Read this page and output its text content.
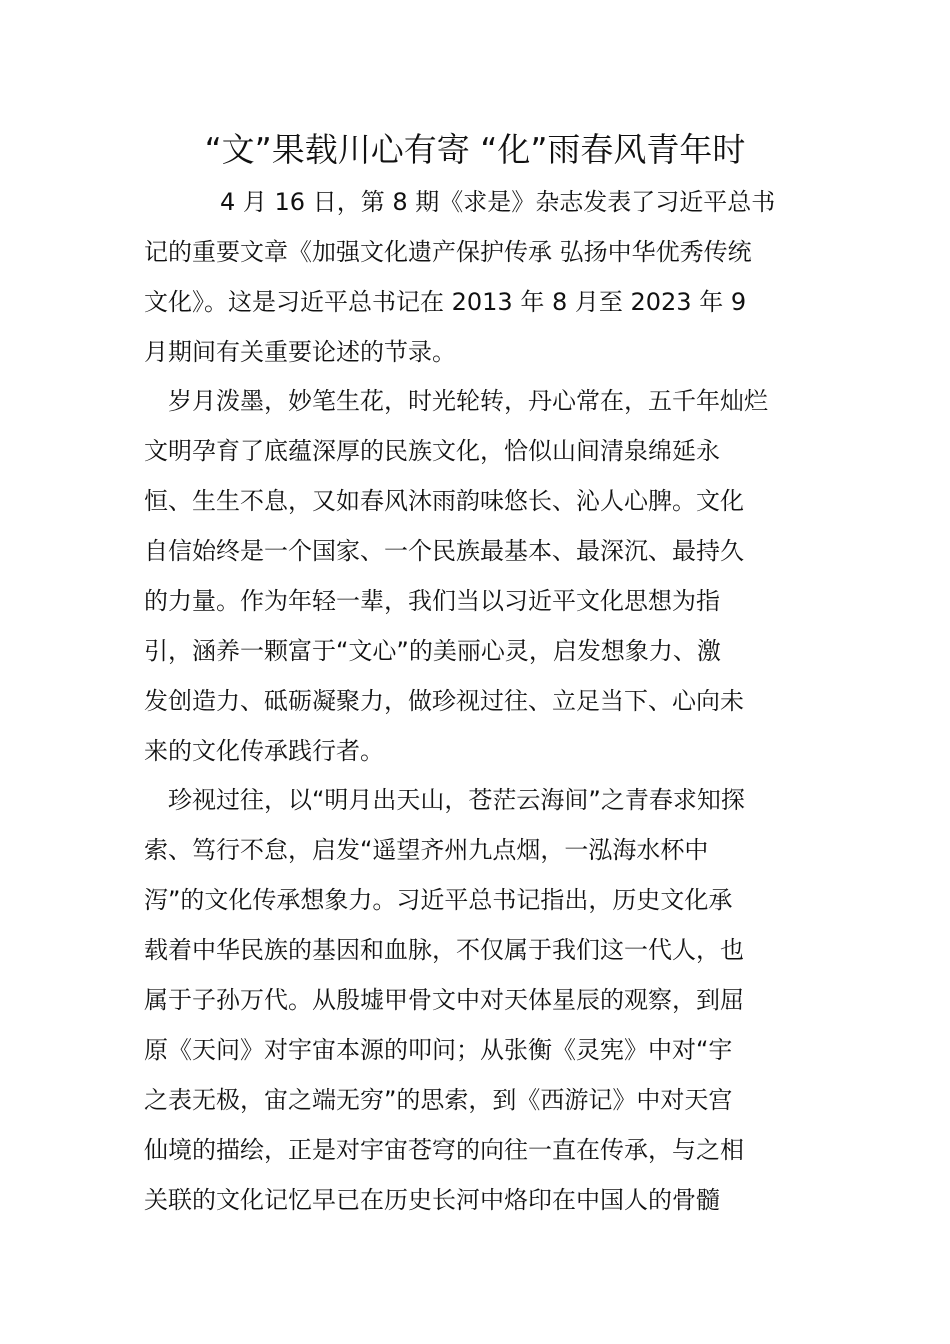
“文”果载川心有寄 “化”雨春风青年时
4 月 16 日，第 8 期《求是》杂志发表了习近平总书
记的重要文章《加强文化遗产保护传承 弘扬中华优秀传统
文化》。这是习近平总书记在 2013 年 8 月至 2023 年 9
月期间有关重要论述的节录。
岁月泼墨，妙笔生花，时光轮转，丹心常在，五千年灿烂
文明孕育了底蕴深厚的民族文化，恰似山间清泉绵延永
恒、生生不息，又如春风沐雨韵味悠长、沁人心脾。文化
自信始终是一个国家、一个民族最基本、最深沉、最持久
的力量。作为年轻一辈，我们当以习近平文化思想为指
引，涵养一颗富于“文心”的美丽心灵，启发想象力、激
发创造力、砥砺凝聚力，做珍视过往、立足当下、心向未
来的文化传承践行者。
珍视过往，以“明月出天山，苍茫云海间”之青春求知探
索、笃行不怠，启发“遥望齐州九点烟，一泓海水杯中
泻”的文化传承想象力。习近平总书记指出，历史文化承
载着中华民族的基因和血脉，不仅属于我们这一代人，也
属于子孙万代。从殷墟甲骨文中对天体星辰的观察，到屈
原《天问》对宇宙本源的叩问；从张衡《灵宪》中对“宇
之表无极，宙之端无穷”的思索，到《西游记》中对天宫
仙境的描绘，正是对宇宙苍穹的向往一直在传承，与之相
关联的文化记忆早已在历史长河中烙印在中国人的骨髓
